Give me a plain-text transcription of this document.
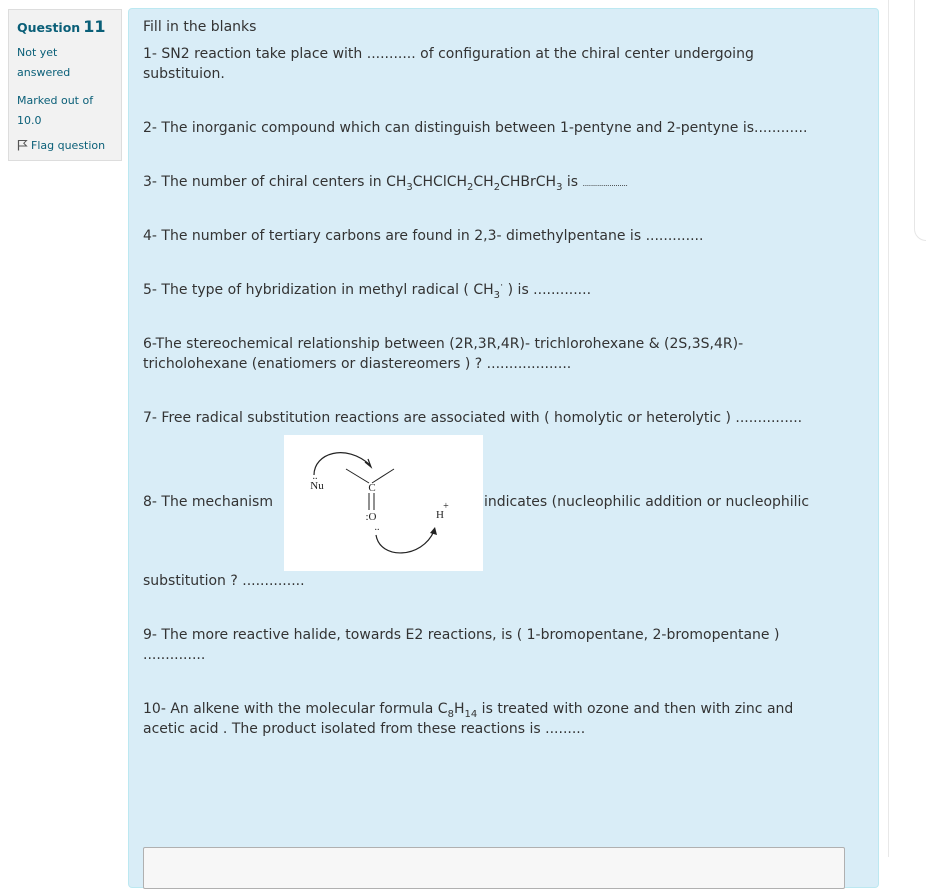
Question 11
Not yet
answered
Marked out of
10.0
Flag question
Fill in the blanks
1- SN2 reaction take place with ........... of configuration at the chiral center undergoing
substituion.
2- The inorganic compound which can distinguish between 1-pentyne and 2-pentyne is............
3- The number of chiral centers in $CH_3CHClCH_2CH_2CHBrCH_3$ is ......................
4- The number of tertiary carbons are found in 2,3- dimethylpentane is .............
5- The type of hybridization in methyl radical ( $CH_3^\cdot$ ) is .............
6-The stereochemical relationship between (2R,3R,4R)- trichlorohexane & (2S,3S,4R)-
tricholohexane (enatiomers or diastereomers ) ? ...................
7- Free radical substitution reactions are associated with ( homolytic or heterolytic ) ...............
8- The mechanism
..
Nu	C
:O
..
+
H
indicates (nucleophilic addition or nucleophilic
substitution ? ..............
9- The more reactive halide, towards E2 reactions, is ( 1-bromopentane, 2-bromopentane )
..............
10- An alkene with the molecular formula $C_8H_{14}$ is treated with ozone and then with zinc and
acetic acid . The product isolated from these reactions is .........
